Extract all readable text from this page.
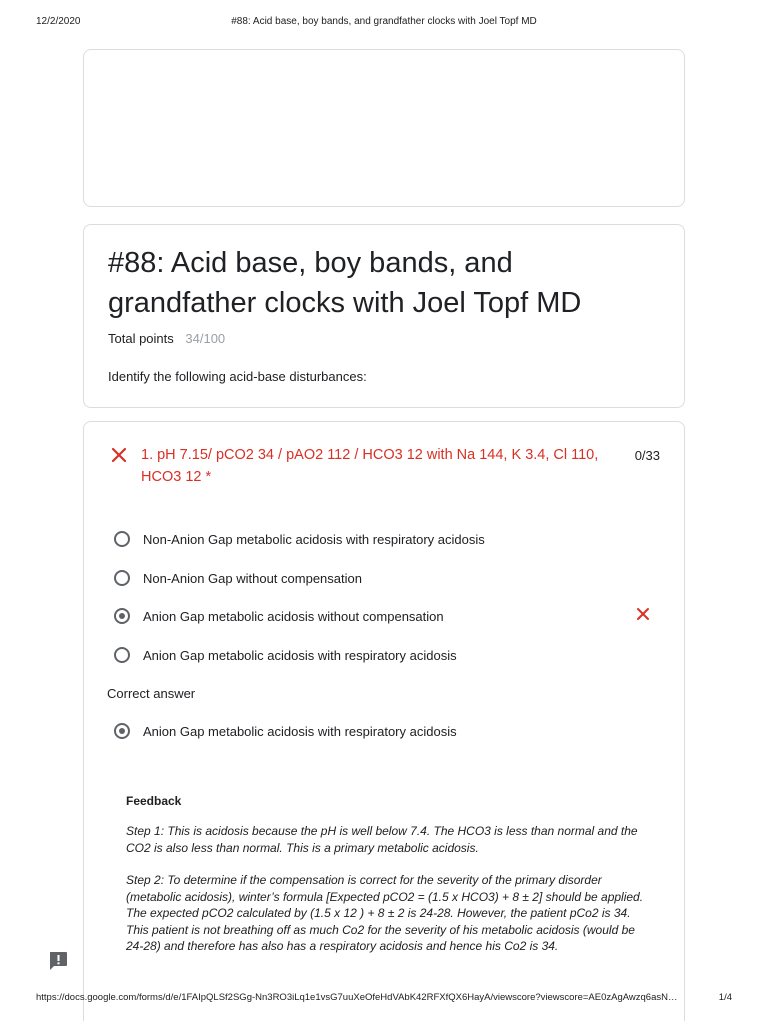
12/2/2020	#88: Acid base, boy bands, and grandfather clocks with Joel Topf MD
#88: Acid base, boy bands, and grandfather clocks with Joel Topf MD
Total points 34/100
Identify the following acid-base disturbances:
1. pH 7.15/ pCO2 34 / pAO2 112 / HCO3 12 with Na 144, K 3.4, Cl 110, HCO3 12 *
0/33
Non-Anion Gap metabolic acidosis with respiratory acidosis
Non-Anion Gap without compensation
Anion Gap metabolic acidosis without compensation
Anion Gap metabolic acidosis with respiratory acidosis
Correct answer
Anion Gap metabolic acidosis with respiratory acidosis
Feedback

Step 1: This is acidosis because the pH is well below 7.4. The HCO3 is less than normal and the CO2 is also less than normal. This is a primary metabolic acidosis.

Step 2: To determine if the compensation is correct for the severity of the primary disorder (metabolic acidosis), winter’s formula [Expected pCO2 = (1.5 x HCO3) + 8 ± 2] should be applied. The expected pCO2 calculated by (1.5 x 12 ) + 8 ± 2 is 24-28. However, the patient pCo2 is 34. This patient is not breathing off as much Co2 for the severity of his metabolic acidosis (would be 24-28) and therefore has also has a respiratory acidosis and hence his Co2 is 34.

https://docs.google.com/forms/d/e/1FAIpQLSf2SGg-Nn3RO3iLq1e1vsG7uuXeOfeHdVAbK42RFXfQX6HayA/viewscore?viewscore=AE0zAgAwzq6asN…	1/4
